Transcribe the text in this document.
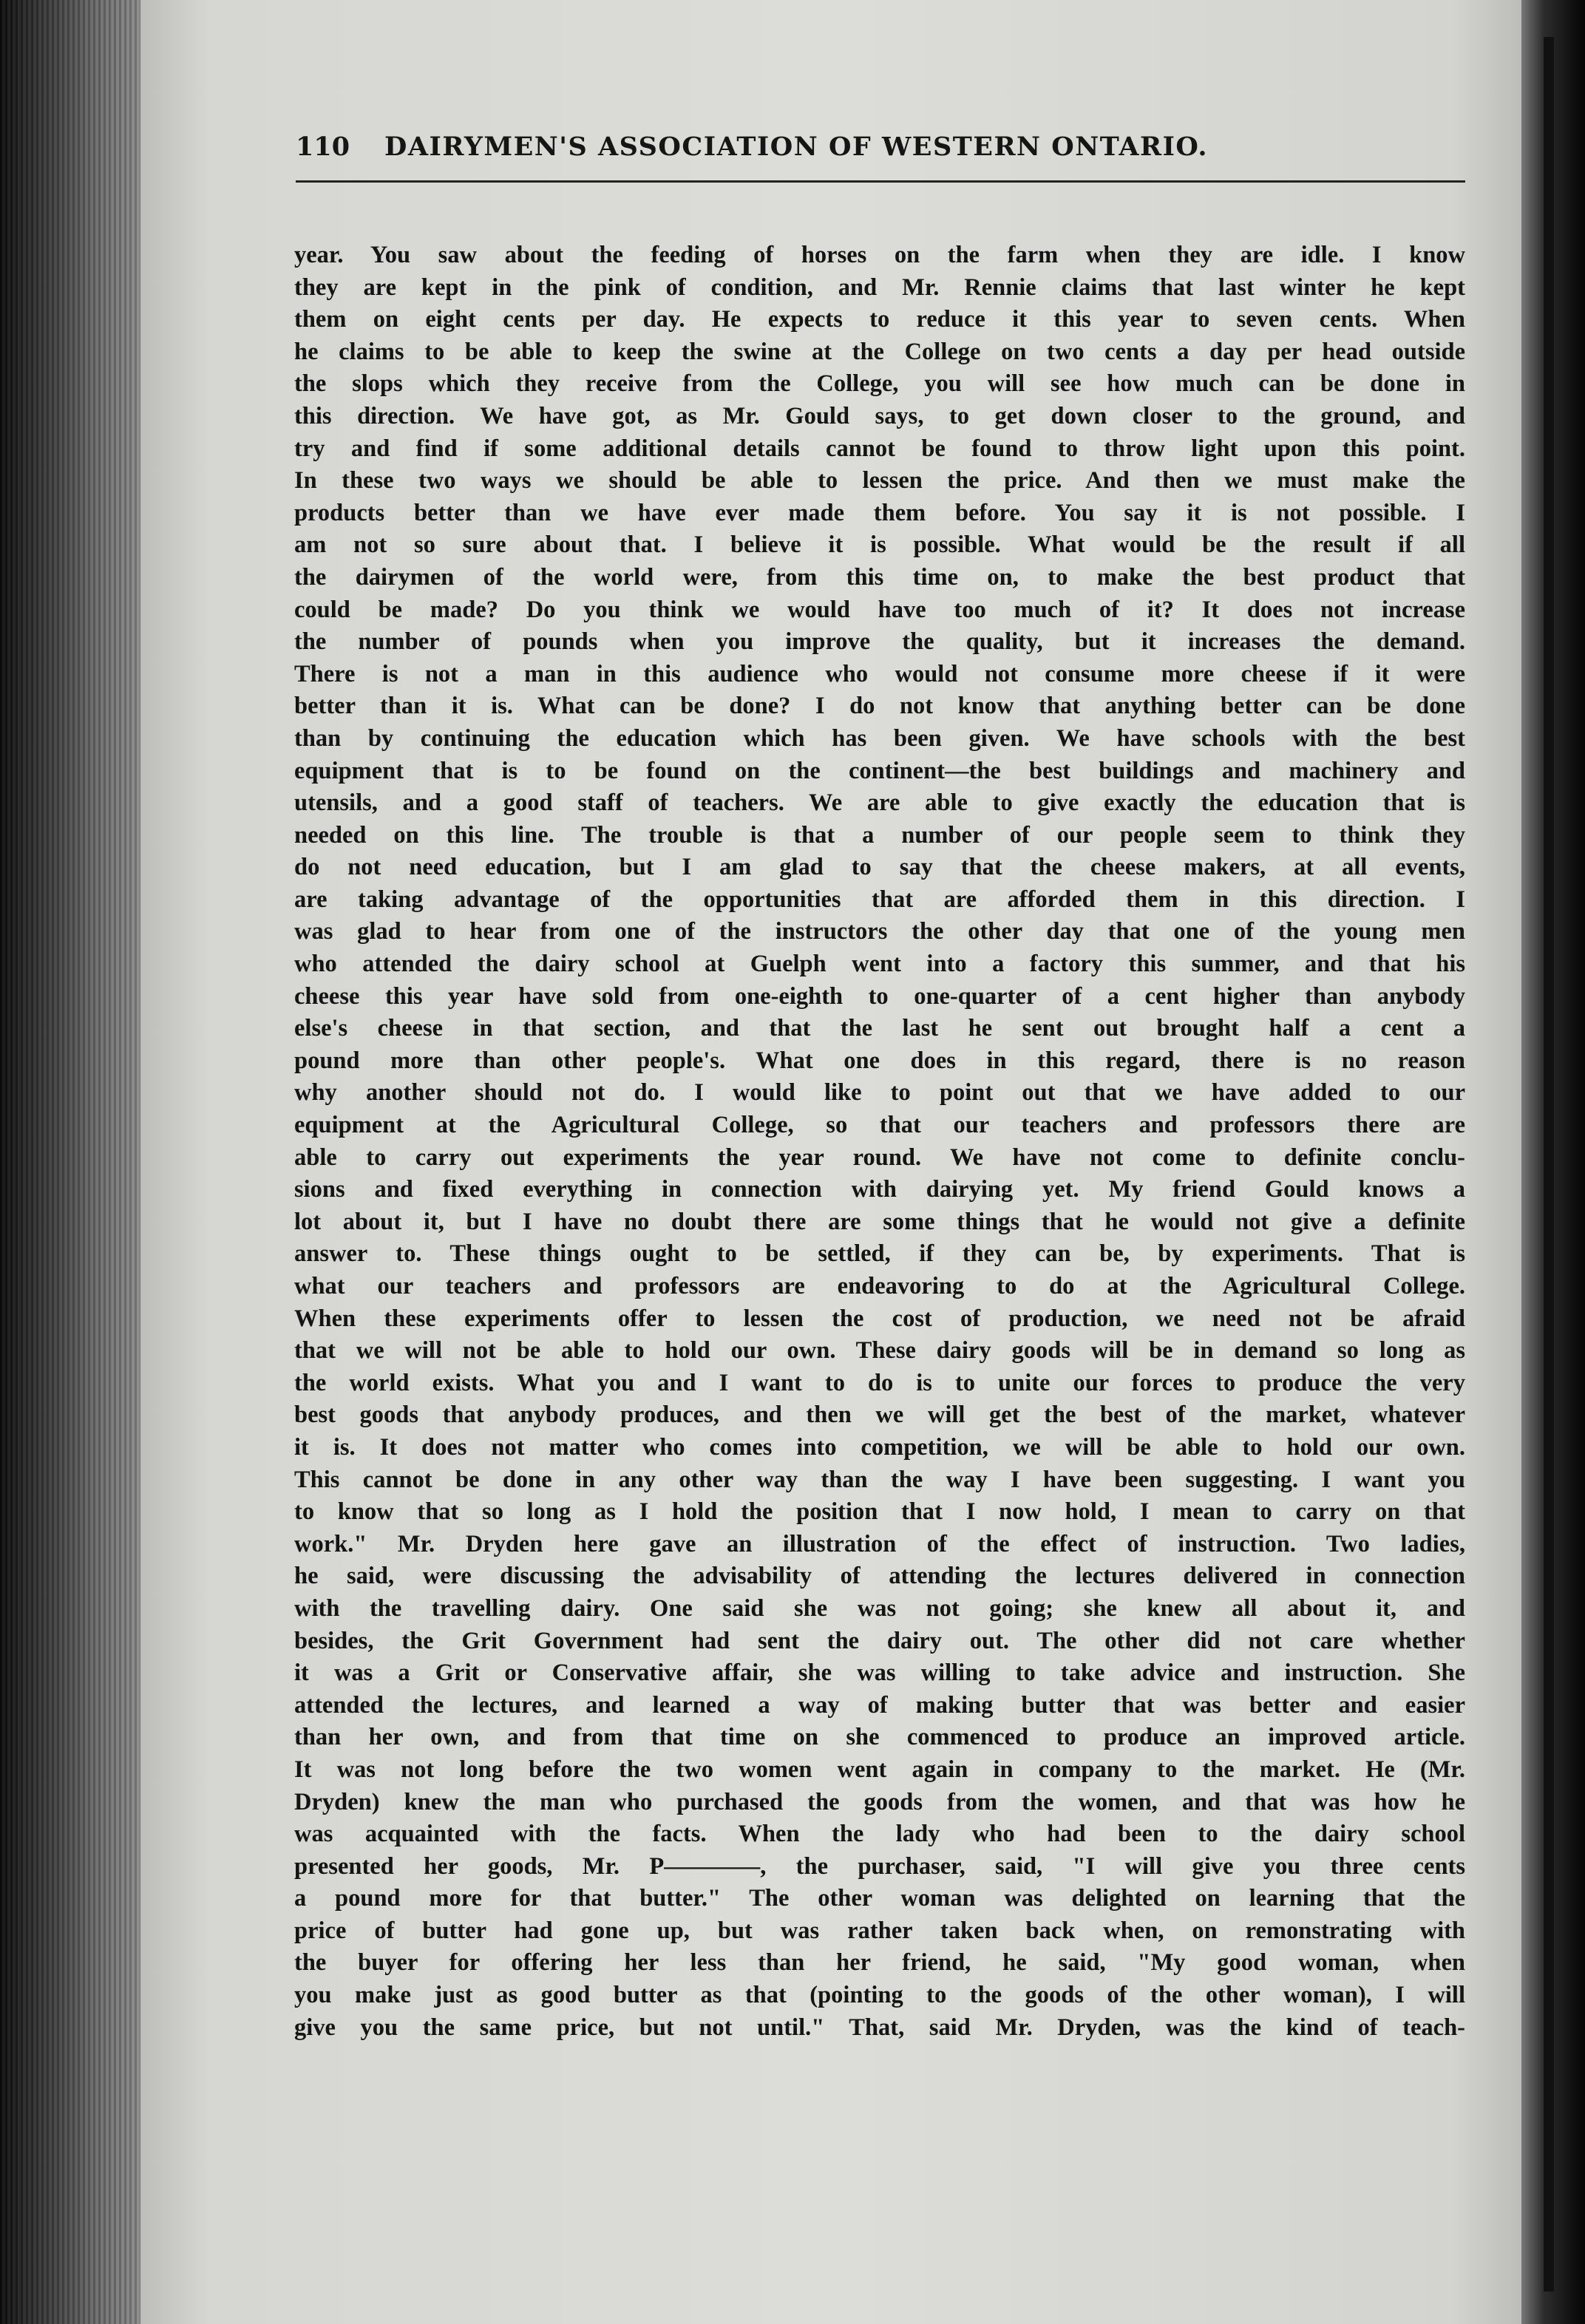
110 DAIRYMEN'S ASSOCIATION OF WESTERN ONTARIO.
year. You saw about the feeding of horses on the farm when they are idle. I know
they are kept in the pink of condition, and Mr. Rennie claims that last winter he kept
them on eight cents per day. He expects to reduce it this year to seven cents. When
he claims to be able to keep the swine at the College on two cents a day per head outside
the slops which they receive from the College, you will see how much can be done in
this direction. We have got, as Mr. Gould says, to get down closer to the ground, and
try and find if some additional details cannot be found to throw light upon this point.
In these two ways we should be able to lessen the price. And then we must make the
products better than we have ever made them before. You say it is not possible. I
am not so sure about that. I believe it is possible. What would be the result if all
the dairymen of the world were, from this time on, to make the best product that
could be made? Do you think we would have too much of it? It does not increase
the number of pounds when you improve the quality, but it increases the demand.
There is not a man in this audience who would not consume more cheese if it were
better than it is. What can be done? I do not know that anything better can be done
than by continuing the education which has been given. We have schools with the best
equipment that is to be found on the continent—the best buildings and machinery and
utensils, and a good staff of teachers. We are able to give exactly the education that is
needed on this line. The trouble is that a number of our people seem to think they
do not need education, but I am glad to say that the cheese makers, at all events,
are taking advantage of the opportunities that are afforded them in this direction. I
was glad to hear from one of the instructors the other day that one of the young men
who attended the dairy school at Guelph went into a factory this summer, and that his
cheese this year have sold from one-eighth to one-quarter of a cent higher than anybody
else's cheese in that section, and that the last he sent out brought half a cent a
pound more than other people's. What one does in this regard, there is no reason
why another should not do. I would like to point out that we have added to our
equipment at the Agricultural College, so that our teachers and professors there are
able to carry out experiments the year round. We have not come to definite conclu-
sions and fixed everything in connection with dairying yet. My friend Gould knows a
lot about it, but I have no doubt there are some things that he would not give a definite
answer to. These things ought to be settled, if they can be, by experiments. That is
what our teachers and professors are endeavoring to do at the Agricultural College.
When these experiments offer to lessen the cost of production, we need not be afraid
that we will not be able to hold our own. These dairy goods will be in demand so long as
the world exists. What you and I want to do is to unite our forces to produce the very
best goods that anybody produces, and then we will get the best of the market, whatever
it is. It does not matter who comes into competition, we will be able to hold our own.
This cannot be done in any other way than the way I have been suggesting. I want you
to know that so long as I hold the position that I now hold, I mean to carry on that
work." Mr. Dryden here gave an illustration of the effect of instruction. Two ladies,
he said, were discussing the advisability of attending the lectures delivered in connection
with the travelling dairy. One said she was not going; she knew all about it, and
besides, the Grit Government had sent the dairy out. The other did not care whether
it was a Grit or Conservative affair, she was willing to take advice and instruction. She
attended the lectures, and learned a way of making butter that was better and easier
than her own, and from that time on she commenced to produce an improved article.
It was not long before the two women went again in company to the market. He (Mr.
Dryden) knew the man who purchased the goods from the women, and that was how he
was acquainted with the facts. When the lady who had been to the dairy school
presented her goods, Mr. P————, the purchaser, said, "I will give you three cents
a pound more for that butter." The other woman was delighted on learning that the
price of butter had gone up, but was rather taken back when, on remonstrating with
the buyer for offering her less than her friend, he said, "My good woman, when
you make just as good butter as that (pointing to the goods of the other woman), I will
give you the same price, but not until." That, said Mr. Dryden, was the kind of teach-
